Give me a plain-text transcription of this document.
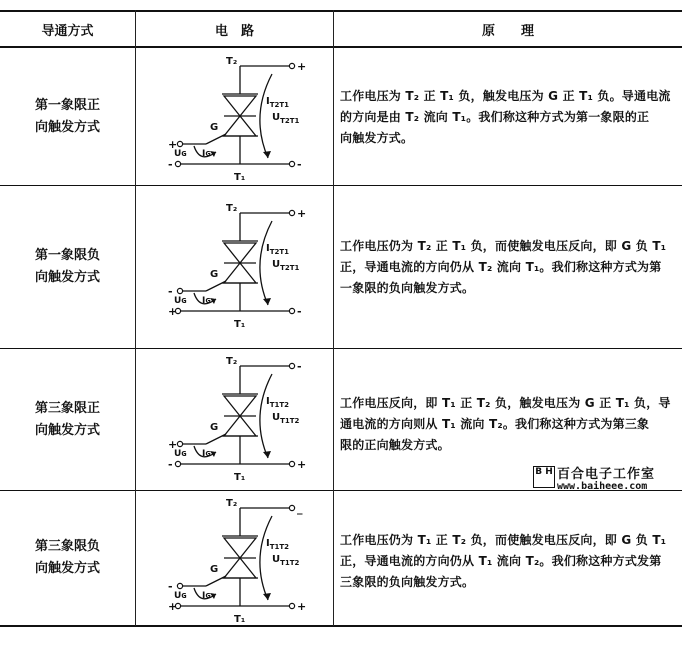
导通方式	电　路	原　　理
第一象限正
向触发方式
第一象限负
向触发方式
第三象限正
向触发方式
第三象限负
向触发方式
T₂
T₁
G
+
-
+
-
Uɢ Iɢ
$I_{T2T1}$
$U_{T2T1}$
T₂
T₁
G
+
-
-
+
Uɢ Iɢ
$I_{T2T1}$
$U_{T2T1}$
T₂
T₁
G
-
+
+
-
Uɢ Iɢ
$I_{T1T2}$
$U_{T1T2}$
T₂
T₁
G
_
+
-
+
Uɢ Iɢ
$I_{T1T2}$
$U_{T1T2}$
工作电压为 T₂ 正 T₁ 负，触发电压为 G 正 T₁ 负。导通电流
的方向是由 T₂ 流向 T₁。我们称这种方式为第一象限的正
向触发方式。
工作电压仍为 T₂ 正 T₁ 负，而使触发电压反向，即 G 负 T₁
正，导通电流的方向仍从 T₂ 流向 T₁。我们称这种方式为第
一象限的负向触发方式。
工作电压反向，即 T₁ 正 T₂ 负，触发电压为 G 正 T₁ 负，导
通电流的方向则从 T₁ 流向 T₂。我们称这种方式为第三象
限的正向触发方式。
工作电压仍为 T₁ 正 T₂ 负，而使触发电压反向，即 G 负 T₁
正，导通电流的方向仍从 T₁ 流向 T₂。我们称这种方式发第
三象限的负向触发方式。
B H 百合电子工作室
www.baiheee.com
